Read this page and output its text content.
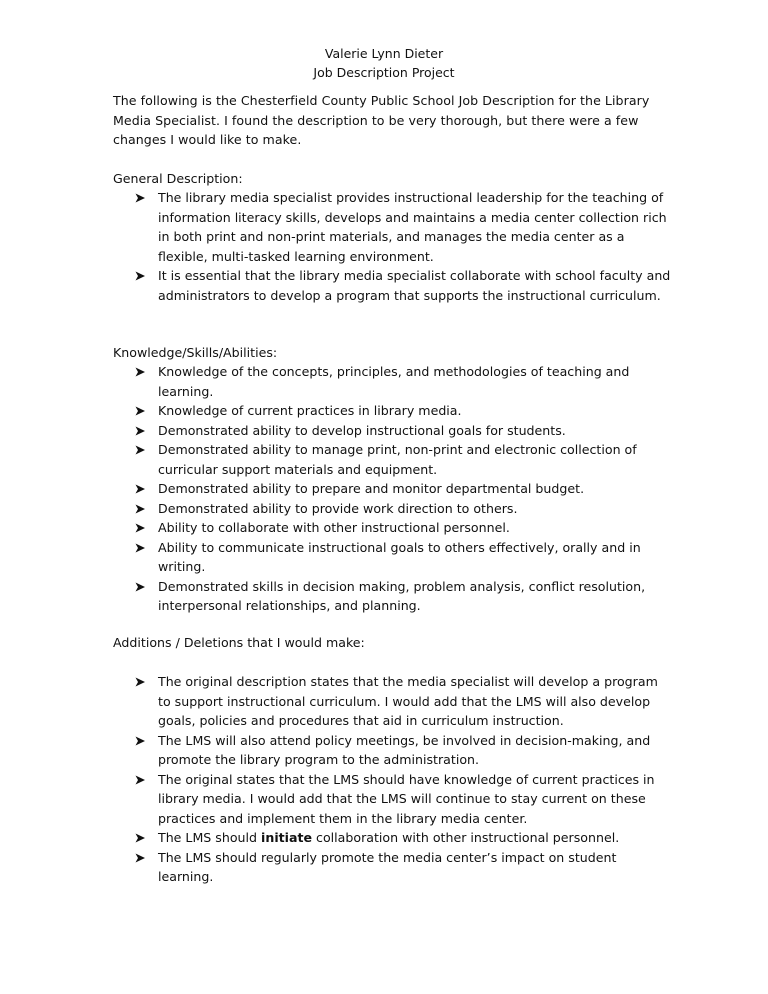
Valerie Lynn Dieter
Job Description Project
The following is the Chesterfield County Public School Job Description for the Library Media Specialist. I found the description to be very thorough, but there were a few changes I would like to make.
General Description:
The library media specialist provides instructional leadership for the teaching of information literacy skills, develops and maintains a media center collection rich in both print and non-print materials, and manages the media center as a flexible, multi-tasked learning environment.
It is essential that the library media specialist collaborate with school faculty and administrators to develop a program that supports the instructional curriculum.
Knowledge/Skills/Abilities:
Knowledge of the concepts, principles, and methodologies of teaching and learning.
Knowledge of current practices in library media.
Demonstrated ability to develop instructional goals for students.
Demonstrated ability to manage print, non-print and electronic collection of curricular support materials and equipment.
Demonstrated ability to prepare and monitor departmental budget.
Demonstrated ability to provide work direction to others.
Ability to collaborate with other instructional personnel.
Ability to communicate instructional goals to others effectively, orally and in writing.
Demonstrated skills in decision making, problem analysis, conflict resolution, interpersonal relationships, and planning.
Additions / Deletions that I would make:
The original description states that the media specialist will develop a program to support instructional curriculum. I would add that the LMS will also develop goals, policies and procedures that aid in curriculum instruction.
The LMS will also attend policy meetings, be involved in decision-making, and promote the library program to the administration.
The original states that the LMS should have knowledge of current practices in library media. I would add that the LMS will continue to stay current on these practices and implement them in the library media center.
The LMS should initiate collaboration with other instructional personnel.
The LMS should regularly promote the media center’s impact on student learning.
